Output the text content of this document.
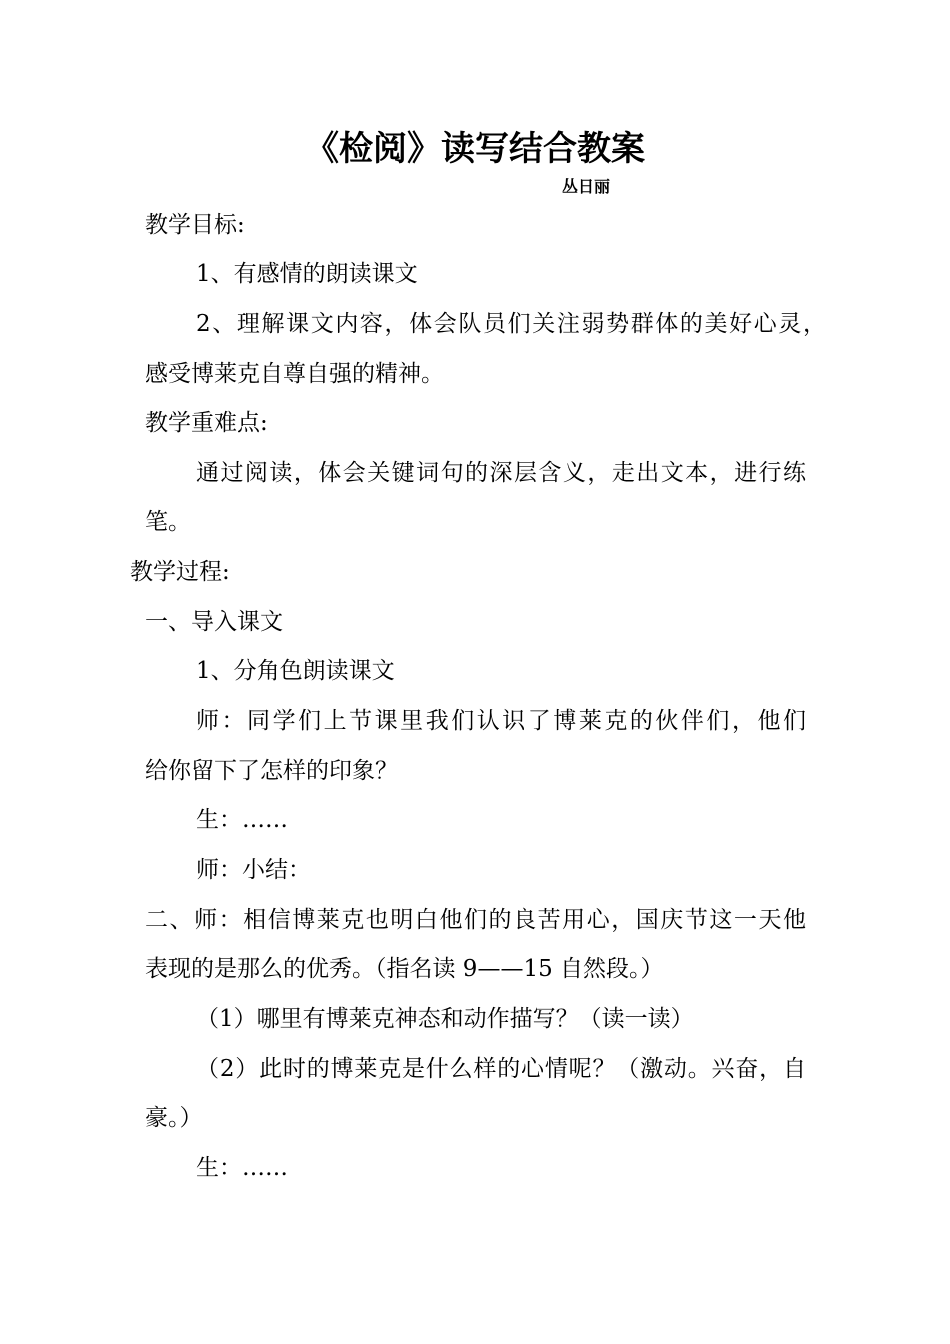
《检阅》读写结合教案
丛日丽
教学目标:
1、有感情的朗读课文
2、理解课文内容，体会队员们关注弱势群体的美好心灵，
感受博莱克自尊自强的精神。
教学重难点:
通过阅读，体会关键词句的深层含义，走出文本，进行练
笔。
教学过程:
一、导入课文
1、分角色朗读课文
师：同学们上节课里我们认识了博莱克的伙伴们，他们
给你留下了怎样的印象？
生：……
师：小结：
二、师：相信博莱克也明白他们的良苦用心，国庆节这一天他
表现的是那么的优秀。（指名读 9——15 自然段。）
（1）哪里有博莱克神态和动作描写？（读一读）
（2）此时的博莱克是什么样的心情呢？（激动。兴奋，自
豪。）
生：……
